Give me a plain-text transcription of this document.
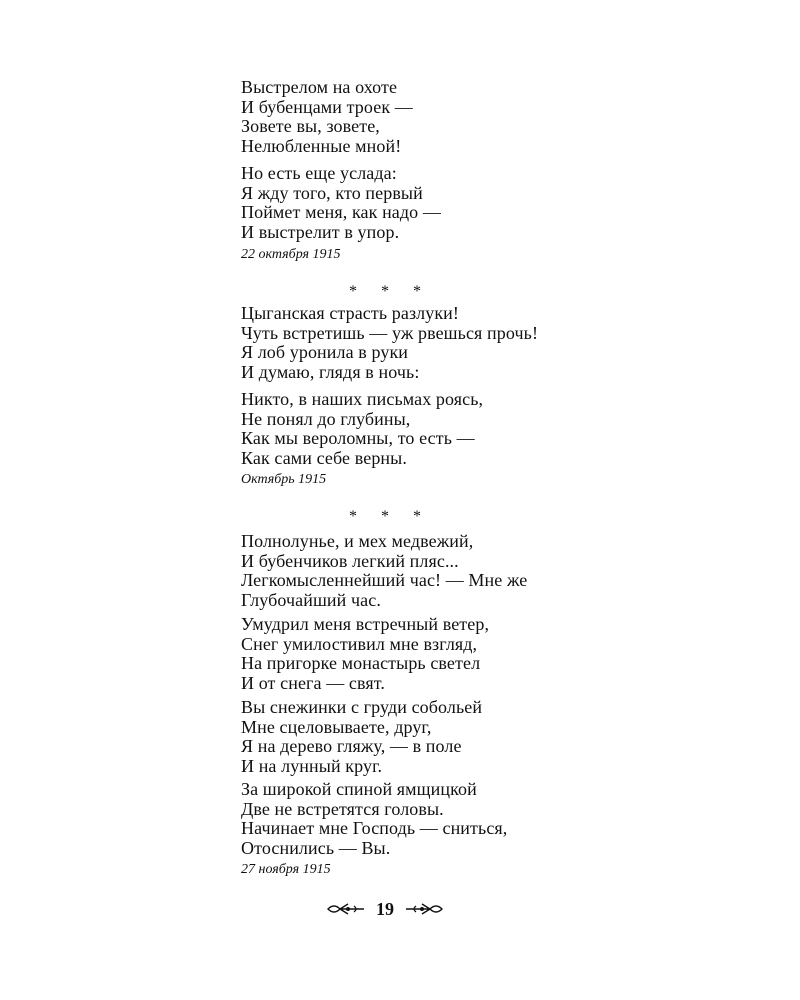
Выстрелом на охоте
И бубенцами троек —
Зовете вы, зовете,
Нелюбленные мной!
Но есть еще услада:
Я жду того, кто первый
Поймет меня, как надо —
И выстрелит в упор.
22 октября 1915
* * *
Цыганская страсть разлуки!
Чуть встретишь — уж рвешься прочь!
Я лоб уронила в руки
И думаю, глядя в ночь:
Никто, в наших письмах роясь,
Не понял до глубины,
Как мы вероломны, то есть —
Как сами себе верны.
Октябрь 1915
* * *
Полнолунье, и мех медвежий,
И бубенчиков легкий пляс...
Легкомысленнейший час! — Мне же
Глубочайший час.
Умудрил меня встречный ветер,
Снег умилостивил мне взгляд,
На пригорке монастырь светел
И от снега — свят.
Вы снежинки с груди собольей
Мне сцеловываете, друг,
Я на дерево гляжу, — в поле
И на лунный круг.
За широкой спиной ямщицкой
Две не встретятся головы.
Начинает мне Господь — сниться,
Отоснились — Вы.
27 ноября 1915
19
